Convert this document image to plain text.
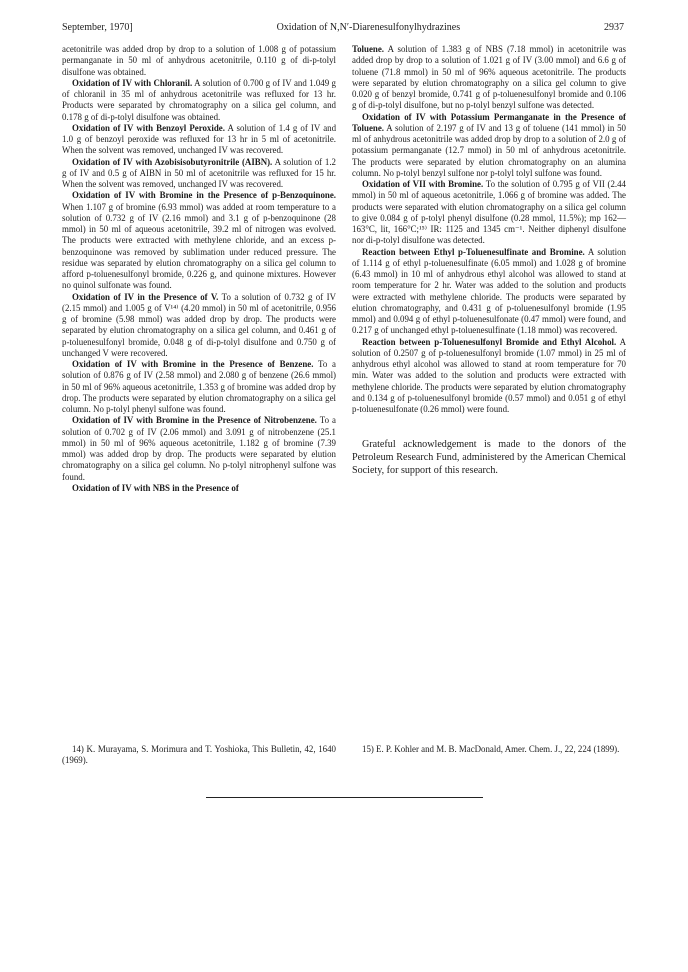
September, 1970]	Oxidation of N,N′-Diarenesulfonylhydrazines	2937

acetonitrile was added drop by drop to a solution of 1.008 g of potassium permanganate in 50 ml of anhydrous acetonitrile, 0.110 g of di-p-tolyl disulfone was obtained.

Oxidation of IV with Chloranil. A solution of 0.700 g of IV and 1.049 g of chloranil in 35 ml of anhydrous acetonitrile was refluxed for 13 hr. Products were separated by chromatography on a silica gel column, and 0.178 g of di-p-tolyl disulfone was obtained.

Oxidation of IV with Benzoyl Peroxide. A solution of 1.4 g of IV and 1.0 g of benzoyl peroxide was refluxed for 13 hr in 5 ml of acetonitrile. When the solvent was removed, unchanged IV was recovered.

Oxidation of IV with Azobisisobutyronitrile (AIBN). A solution of 1.2 g of IV and 0.5 g of AIBN in 50 ml of acetonitrile was refluxed for 15 hr. When the solvent was removed, unchanged IV was recovered.

Oxidation of IV with Bromine in the Presence of p-Benzoquinone. When 1.107 g of bromine (6.93 mmol) was added at room temperature to a solution of 0.732 g of IV (2.16 mmol) and 3.1 g of p-benzoquinone (28 mmol) in 50 ml of aqueous acetonitrile, 39.2 ml of nitrogen was evolved. The products were extracted with methylene chloride, and an excess p-benzoquinone was removed by sublimation under reduced pressure. The residue was separated by elution chromatography on a silica gel column to afford p-toluenesulfonyl bromide, 0.226 g, and quinone mixtures. However no quinol sulfonate was found.

Oxidation of IV in the Presence of V. To a solution of 0.732 g of IV (2.15 mmol) and 1.005 g of V¹⁴⁾ (4.20 mmol) in 50 ml of acetonitrile, 0.956 g of bromine (5.98 mmol) was added drop by drop. The products were separated by elution chromatography on a silica gel column, and 0.461 g of p-toluenesulfonyl bromide, 0.048 g of di-p-tolyl disulfone and 0.750 g of unchanged V were recovered.

Oxidation of IV with Bromine in the Presence of Benzene. To a solution of 0.876 g of IV (2.58 mmol) and 2.080 g of benzene (26.6 mmol) in 50 ml of 96% aqueous acetonitrile, 1.353 g of bromine was added drop by drop. The products were separated by elution chromatography on a silica gel column. No p-tolyl phenyl sulfone was found.

Oxidation of IV with Bromine in the Presence of Nitrobenzene. To a solution of 0.702 g of IV (2.06 mmol) and 3.091 g of nitrobenzene (25.1 mmol) in 50 ml of 96% aqueous acetonitrile, 1.182 g of bromine (7.39 mmol) was added drop by drop. The products were separated by elution chromatography on a silica gel column. No p-tolyl nitrophenyl sulfone was found.

Oxidation of IV with NBS in the Presence of

Toluene. A solution of 1.383 g of NBS (7.18 mmol) in acetonitrile was added drop by drop to a solution of 1.021 g of IV (3.00 mmol) and 6.6 g of toluene (71.8 mmol) in 50 ml of 96% aqueous acetonitrile. The products were separated by elution chromatography on a silica gel column to give 0.020 g of benzyl bromide, 0.741 g of p-toluenesulfonyl bromide and 0.106 g of di-p-tolyl disulfone, but no p-tolyl benzyl sulfone was detected.

Oxidation of IV with Potassium Permanganate in the Presence of Toluene. A solution of 2.197 g of IV and 13 g of toluene (141 mmol) in 50 ml of anhydrous acetonitrile was added drop by drop to a solution of 2.0 g of potassium permanganate (12.7 mmol) in 50 ml of anhydrous acetonitrile. The products were separated by elution chromatography on an alumina column. No p-tolyl benzyl sulfone nor p-tolyl tolyl sulfone was found.

Oxidation of VII with Bromine. To the solution of 0.795 g of VII (2.44 mmol) in 50 ml of aqueous acetonitrile, 1.066 g of bromine was added. The products were separated with elution chromatography on a silica gel column to give 0.084 g of p-tolyl phenyl disulfone (0.28 mmol, 11.5%); mp 162—163°C, lit, 166°C;¹⁵⁾ IR: 1125 and 1345 cm⁻¹. Neither diphenyl disulfone nor di-p-tolyl disulfone was detected.

Reaction between Ethyl p-Toluenesulfinate and Bromine. A solution of 1.114 g of ethyl p-toluenesulfinate (6.05 mmol) and 1.028 g of bromine (6.43 mmol) in 10 ml of anhydrous ethyl alcohol was allowed to stand at room temperature for 2 hr. Water was added to the solution and products were extracted with methylene chloride. The products were separated by elution chromatography, and 0.431 g of p-toluenesulfonyl bromide (1.95 mmol) and 0.094 g of ethyl p-toluenesulfonate (0.47 mmol) were found, and 0.217 g of unchanged ethyl p-toluenesulfinate (1.18 mmol) was recovered.

Reaction between p-Toluenesulfonyl Bromide and Ethyl Alcohol. A solution of 0.2507 g of p-toluenesulfonyl bromide (1.07 mmol) in 25 ml of anhydrous ethyl alcohol was allowed to stand at room temperature for 70 min. Water was added to the solution and products were extracted with methylene chloride. The products were separated by elution chromatography and 0.134 g of p-toluenesulfonyl bromide (0.57 mmol) and 0.051 g of ethyl p-toluenesulfonate (0.26 mmol) were found.

Grateful acknowledgement is made to the donors of the Petroleum Research Fund, administered by the American Chemical Society, for support of this research.

14) K. Murayama, S. Morimura and T. Yoshioka, This Bulletin, 42, 1640 (1969).

15) E. P. Kohler and M. B. MacDonald, Amer. Chem. J., 22, 224 (1899).
